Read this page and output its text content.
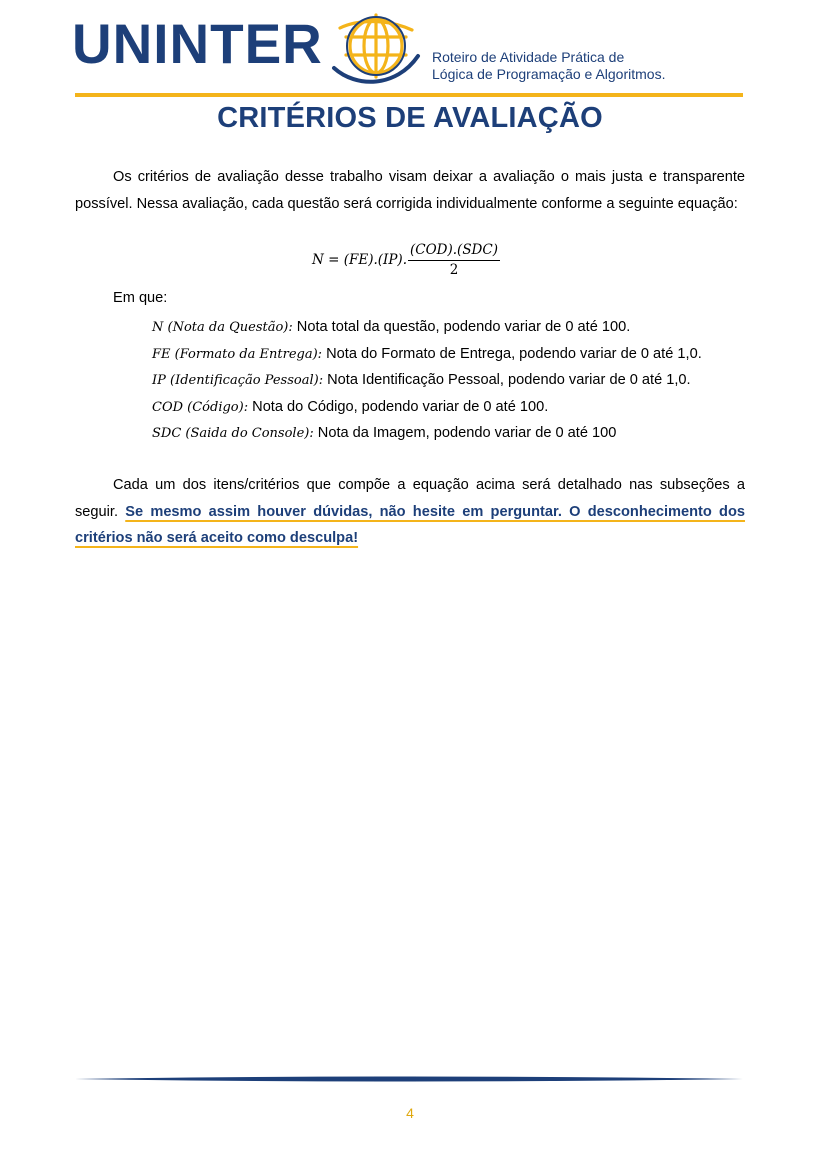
UNINTER	Roteiro de Atividade Prática de
Lógica de Programação e Algoritmos.
CRITÉRIOS DE AVALIAÇÃO

Os critérios de avaliação desse trabalho visam deixar a avaliação o mais justa e transparente possível. Nessa avaliação, cada questão será corrigida individualmente conforme a seguinte equação:

N = (FE).(IP). $\frac{\text{(COD).(SDC)}}{2}$
Em que:
N (Nota da Questão): Nota total da questão, podendo variar de 0 até 100.
FE (Formato da Entrega): Nota do Formato de Entrega, podendo variar de 0 até 1,0.
IP (Identificação Pessoal): Nota Identificação Pessoal, podendo variar de 0 até 1,0.
COD (Código): Nota do Código, podendo variar de 0 até 100.
SDC (Saida do Console): Nota da Imagem, podendo variar de 0 até 100

Cada um dos itens/critérios que compõe a equação acima será detalhado nas subseções a seguir. Se mesmo assim houver dúvidas, não hesite em perguntar. O desconhecimento dos critérios não será aceito como desculpa!

4
